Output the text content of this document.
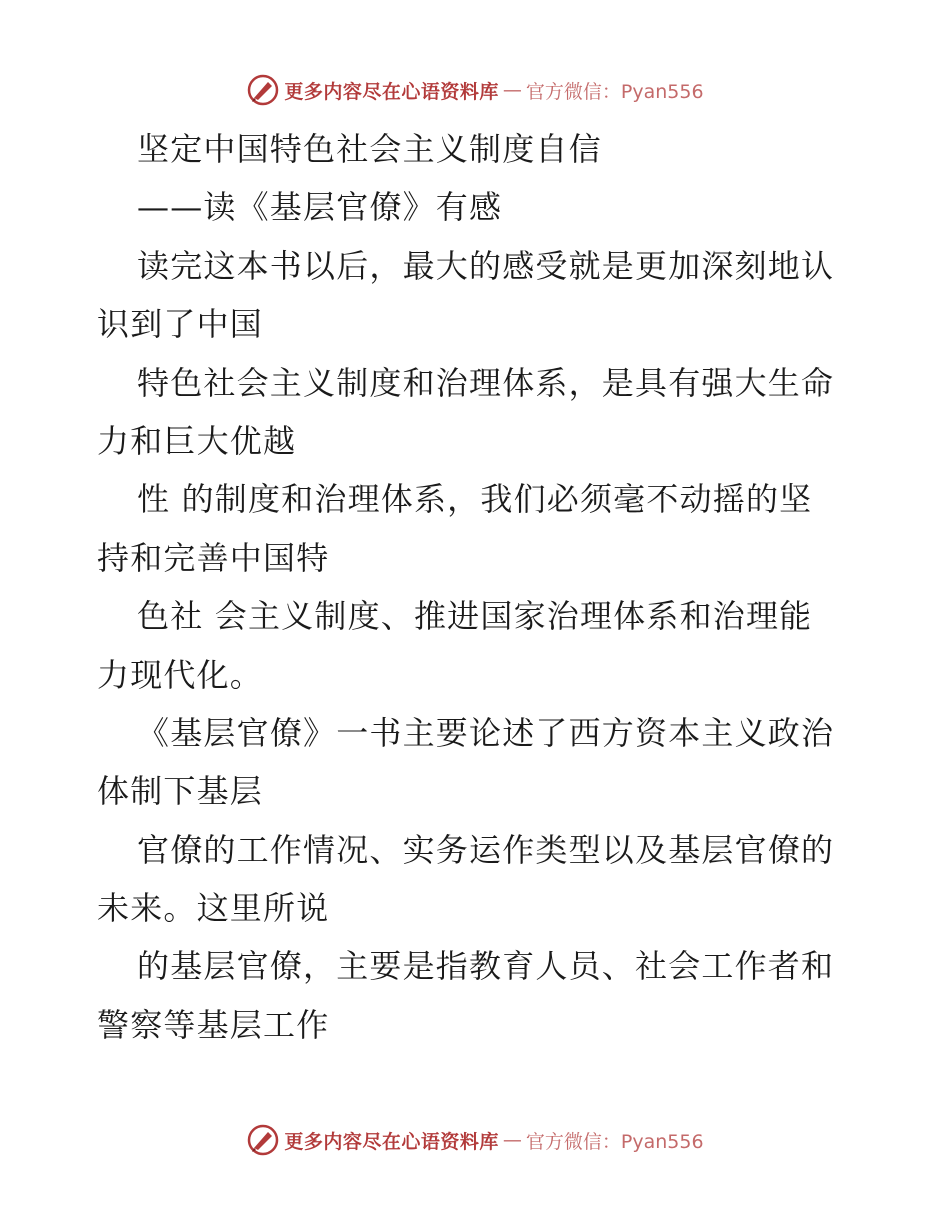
更多内容尽在心语资料库 — 官方微信：Pyan556
坚定中国特色社会主义制度自信
——读《基层官僚》有感
读完这本书以后，最大的感受就是更加深刻地认
识到了中国
特色社会主义制度和治理体系，是具有强大生命
力和巨大优越
性 的制度和治理体系，我们必须毫不动摇的坚
持和完善中国特
色社 会主义制度、推进国家治理体系和治理能
力现代化。
《基层官僚》一书主要论述了西方资本主义政治
体制下基层
官僚的工作情况、实务运作类型以及基层官僚的
未来。这里所说
的基层官僚，主要是指教育人员、社会工作者和
警察等基层工作
更多内容尽在心语资料库 — 官方微信：Pyan556
